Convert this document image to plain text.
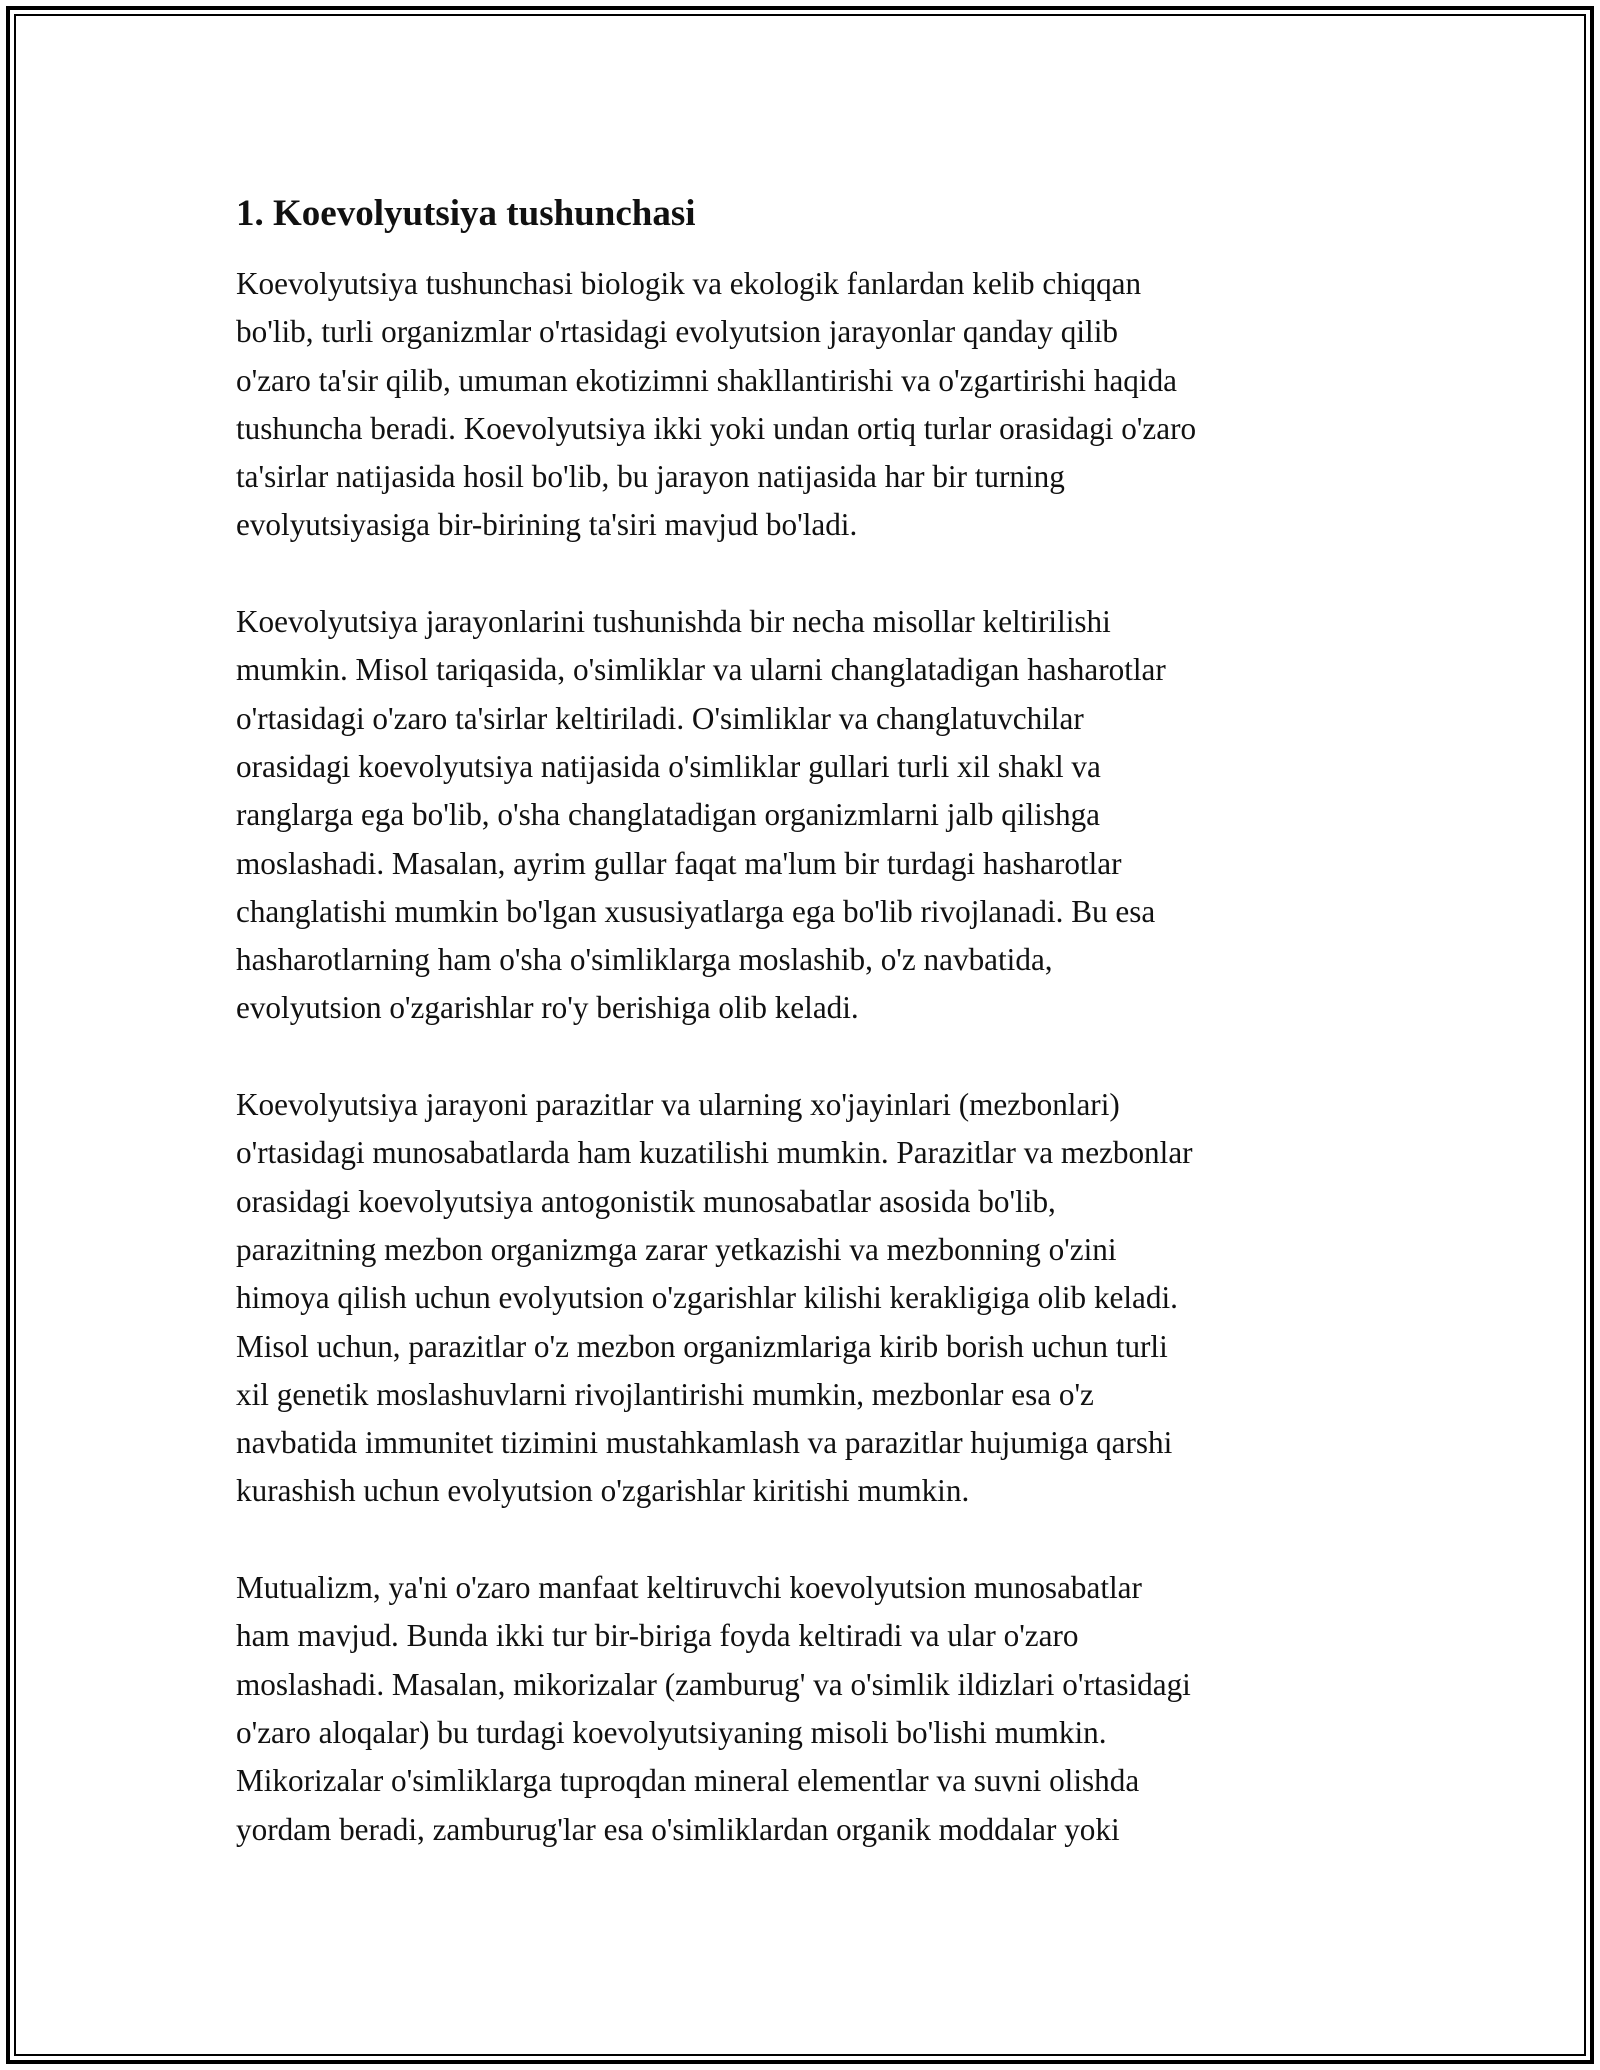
1. Koevolyutsiya tushunchasi
Koevolyutsiya tushunchasi biologik va ekologik fanlardan kelib chiqqan
bo'lib, turli organizmlar o'rtasidagi evolyutsion jarayonlar qanday qilib
o'zaro ta'sir qilib, umuman ekotizimni shakllantirishi va o'zgartirishi haqida
tushuncha beradi. Koevolyutsiya ikki yoki undan ortiq turlar orasidagi o'zaro
ta'sirlar natijasida hosil bo'lib, bu jarayon natijasida har bir turning
evolyutsiyasiga bir-birining ta'siri mavjud bo'ladi.
Koevolyutsiya jarayonlarini tushunishda bir necha misollar keltirilishi
mumkin. Misol tariqasida, o'simliklar va ularni changlatadigan hasharotlar
o'rtasidagi o'zaro ta'sirlar keltiriladi. O'simliklar va changlatuvchilar
orasidagi koevolyutsiya natijasida o'simliklar gullari turli xil shakl va
ranglarga ega bo'lib, o'sha changlatadigan organizmlarni jalb qilishga
moslashadi. Masalan, ayrim gullar faqat ma'lum bir turdagi hasharotlar
changlatishi mumkin bo'lgan xususiyatlarga ega bo'lib rivojlanadi. Bu esa
hasharotlarning ham o'sha o'simliklarga moslashib, o'z navbatida,
evolyutsion o'zgarishlar ro'y berishiga olib keladi.
Koevolyutsiya jarayoni parazitlar va ularning xo'jayinlari (mezbonlari)
o'rtasidagi munosabatlarda ham kuzatilishi mumkin. Parazitlar va mezbonlar
orasidagi koevolyutsiya antogonistik munosabatlar asosida bo'lib,
parazitning mezbon organizmga zarar yetkazishi va mezbonning o'zini
himoya qilish uchun evolyutsion o'zgarishlar kilishi kerakligiga olib keladi.
Misol uchun, parazitlar o'z mezbon organizmlariga kirib borish uchun turli
xil genetik moslashuvlarni rivojlantirishi mumkin, mezbonlar esa o'z
navbatida immunitet tizimini mustahkamlash va parazitlar hujumiga qarshi
kurashish uchun evolyutsion o'zgarishlar kiritishi mumkin.
Mutualizm, ya'ni o'zaro manfaat keltiruvchi koevolyutsion munosabatlar
ham mavjud. Bunda ikki tur bir-biriga foyda keltiradi va ular o'zaro
moslashadi. Masalan, mikorizalar (zamburug' va o'simlik ildizlari o'rtasidagi
o'zaro aloqalar) bu turdagi koevolyutsiyaning misoli bo'lishi mumkin.
Mikorizalar o'simliklarga tuproqdan mineral elementlar va suvni olishda
yordam beradi, zamburug'lar esa o'simliklardan organik moddalar yoki
